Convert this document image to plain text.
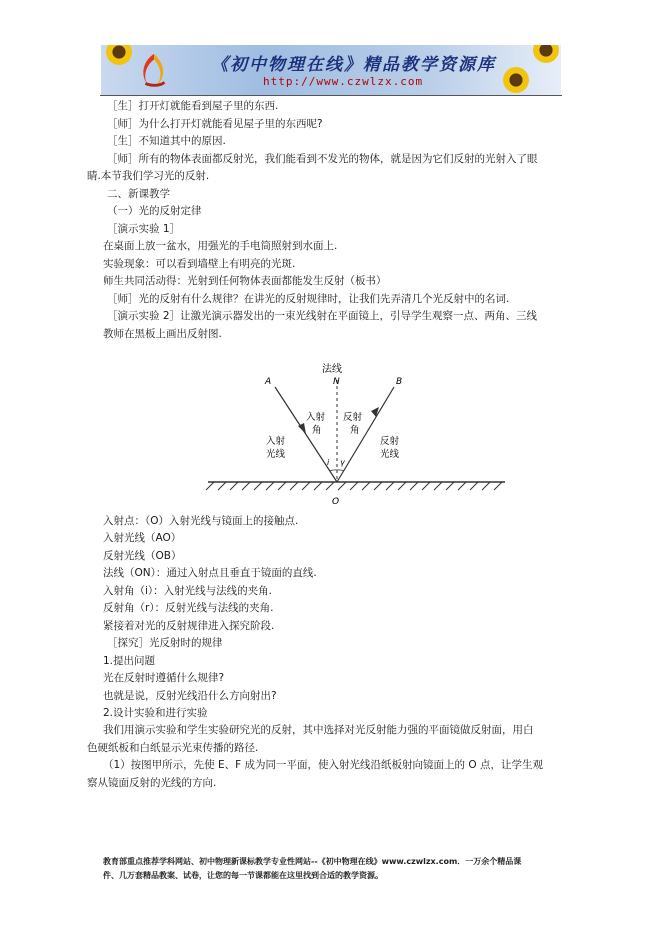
《初中物理在线》精品教学资源库
http://www.czwlzx.com
［生］打开灯就能看到屋子里的东西.
［师］为什么打开灯就能看见屋子里的东西呢?
［生］不知道其中的原因.
［师］所有的物体表面都反射光，我们能看到不发光的物体，就是因为它们反射的光射入了眼
睛.本节我们学习光的反射.
二、新课教学
（一）光的反射定律
［演示实验 1］
在桌面上放一盆水，用强光的手电筒照射到水面上.
实验现象：可以看到墙壁上有明亮的光斑.
师生共同活动得：光射到任何物体表面都能发生反射（板书）
［师］光的反射有什么规律？在讲光的反射规律时，让我们先弄清几个光反射中的名词.
［演示实验 2］让激光演示器发出的一束光线射在平面镜上，引导学生观察一点、两角、三线
教师在黑板上画出反射图.
法线
N
A	B
O
入射
角
反射
角
入射
光线
反射
光线
i γ
入射点：（O）入射光线与镜面上的接触点.
入射光线（AO）
反射光线（OB）
法线（ON）：通过入射点且垂直于镜面的直线.
入射角（i）：入射光线与法线的夹角.
反射角（r）：反射光线与法线的夹角.
紧接着对光的反射规律进入探究阶段.
［探究］光反射时的规律
1.提出问题
光在反射时遵循什么规律?
也就是说，反射光线沿什么方向射出?
2.设计实验和进行实验
我们用演示实验和学生实验研究光的反射，其中选择对光反射能力强的平面镜做反射面，用白
色硬纸板和白纸显示光束传播的路径.
（1）按图甲所示，先使 E、F 成为同一平面，使入射光线沿纸板射向镜面上的 O 点，让学生观
察从镜面反射的光线的方向.
教育部重点推荐学科网站、初中物理新课标教学专业性网站--《初中物理在线》www.czwlzx.com．一万余个精品课
件、几万套精品教案、试卷，让您的每一节课都能在这里找到合适的教学资源。
